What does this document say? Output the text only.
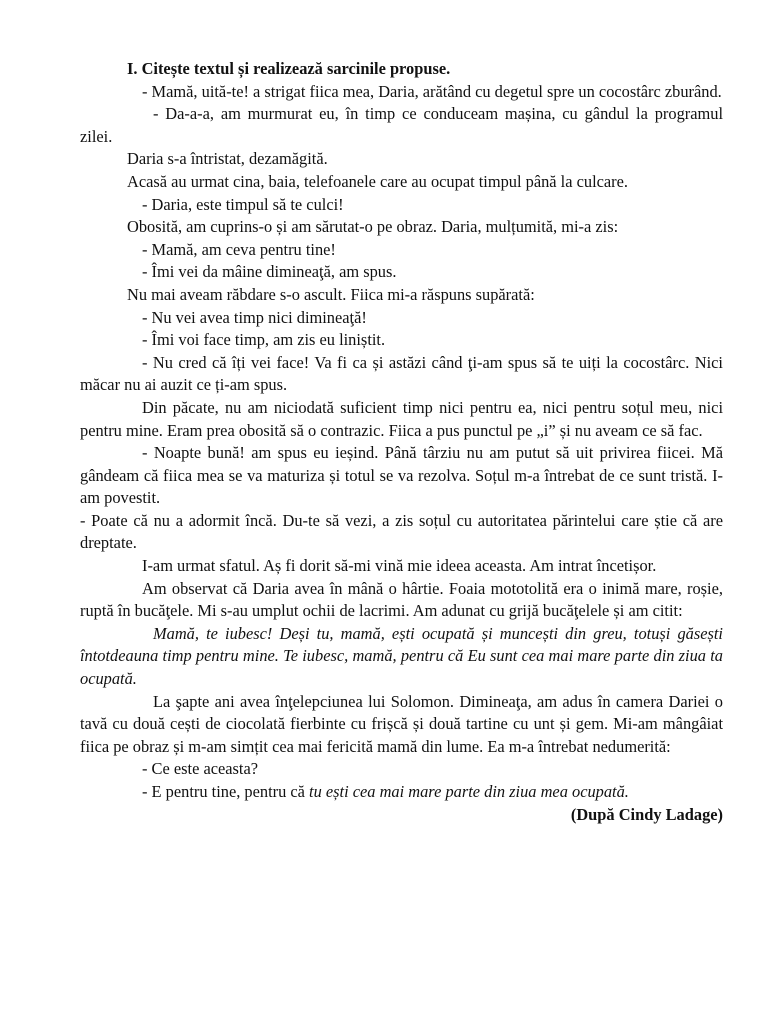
I. Citește textul și realizează sarcinile propuse.

- Mamă, uită-te! a strigat fiica mea, Daria, arătând cu degetul spre un cocostârc zburând.

- Da-a-a, am murmurat eu, în timp ce conduceam mașina, cu gândul la programul zilei.

Daria s-a întristat, dezamăgită.

Acasă au urmat cina, baia, telefoanele care au ocupat timpul până la culcare.

- Daria, este timpul să te culci!

Obosită, am cuprins-o și am sărutat-o pe obraz. Daria, mulțumită, mi-a zis:

- Mamă, am ceva pentru tine!

- Îmi vei da mâine dimineaţă, am spus.

Nu mai aveam răbdare s-o ascult. Fiica mi-a răspuns supărată:

- Nu vei avea timp nici dimineaţă!

- Îmi voi face timp, am zis eu liniștit.

- Nu cred că îți vei face! Va fi ca și astăzi când ţi-am spus să te uiți la cocostârc. Nici măcar nu ai auzit ce ți-am spus.

Din păcate, nu am niciodată suficient timp nici pentru ea, nici pentru soțul meu, nici pentru mine. Eram prea obosită să o contrazic. Fiica a pus punctul pe „i” și nu aveam ce să fac.

- Noapte bună! am spus eu ieșind. Până târziu nu am putut să uit privirea fiicei. Mă gândeam că fiica mea se va maturiza și totul se va rezolva. Soțul m-a întrebat de ce sunt tristă. I-am povestit.

- Poate că nu a adormit încă. Du-te să vezi, a zis soțul cu autoritatea părintelui care știe că are dreptate.

I-am urmat sfatul. Aș fi dorit să-mi vină mie ideea aceasta. Am intrat încetișor.

Am observat că Daria avea în mână o hârtie. Foaia mototolită era o inimă mare, roșie, ruptă în bucăţele. Mi s-au umplut ochii de lacrimi. Am adunat cu grijă bucăţelele și am citit:

Mamă, te iubesc! Deși tu, mamă, ești ocupată și muncești din greu, totuși găsești întotdeauna timp pentru mine. Te iubesc, mamă, pentru că Eu sunt cea mai mare parte din ziua ta ocupată.

La şapte ani avea înţelepciunea lui Solomon. Dimineaţa, am adus în camera Dariei o tavă cu două cești de ciocolată fierbinte cu frișcă și două tartine cu unt și gem. Mi-am mângâiat fiica pe obraz și m-am simțit cea mai fericită mamă din lume. Ea m-a întrebat nedumerită:

- Ce este aceasta?

- E pentru tine, pentru că tu ești cea mai mare parte din ziua mea ocupată.

(După Cindy Ladage)
